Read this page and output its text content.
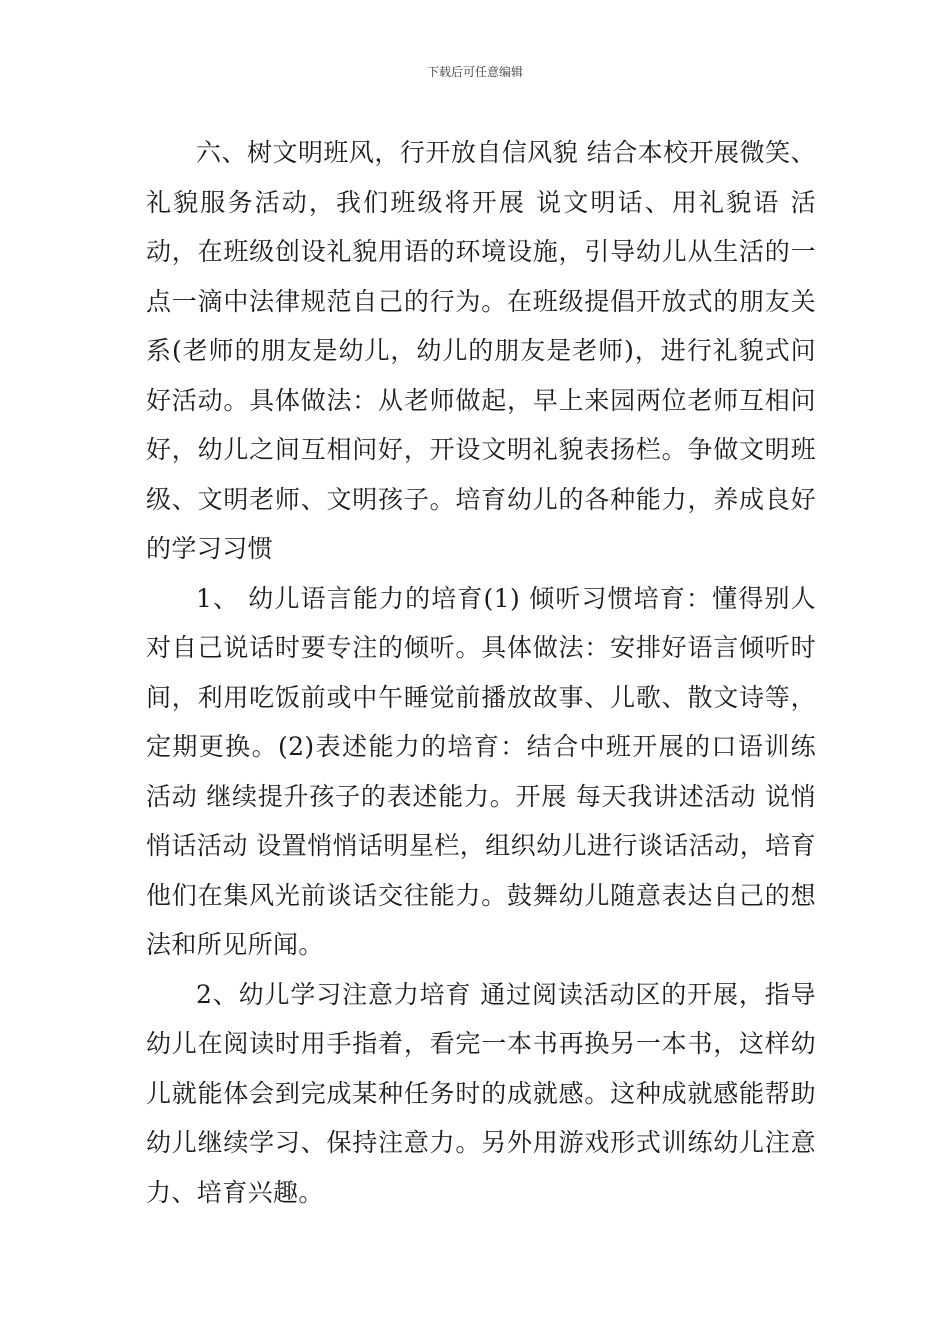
下载后可任意编辑

六、树文明班风，行开放自信风貌 结合本校开展微笑、礼貌服务活动，我们班级将开展 说文明话、用礼貌语 活动，在班级创设礼貌用语的环境设施，引导幼儿从生活的一点一滴中法律规范自己的行为。在班级提倡开放式的朋友关系(老师的朋友是幼儿，幼儿的朋友是老师)，进行礼貌式问好活动。具体做法：从老师做起，早上来园两位老师互相问好，幼儿之间互相问好，开设文明礼貌表扬栏。争做文明班级、文明老师、文明孩子。培育幼儿的各种能力，养成良好的学习习惯

1、 幼儿语言能力的培育(1) 倾听习惯培育：懂得别人对自己说话时要专注的倾听。具体做法：安排好语言倾听时间，利用吃饭前或中午睡觉前播放故事、儿歌、散文诗等，定期更换。(2)表述能力的培育：结合中班开展的口语训练活动 继续提升孩子的表述能力。开展 每天我讲述活动 说悄悄话活动 设置悄悄话明星栏，组织幼儿进行谈话活动，培育他们在集风光前谈话交往能力。鼓舞幼儿随意表达自己的想法和所见所闻。

2、幼儿学习注意力培育 通过阅读活动区的开展，指导幼儿在阅读时用手指着，看完一本书再换另一本书，这样幼儿就能体会到完成某种任务时的成就感。这种成就感能帮助幼儿继续学习、保持注意力。另外用游戏形式训练幼儿注意力、培育兴趣。
